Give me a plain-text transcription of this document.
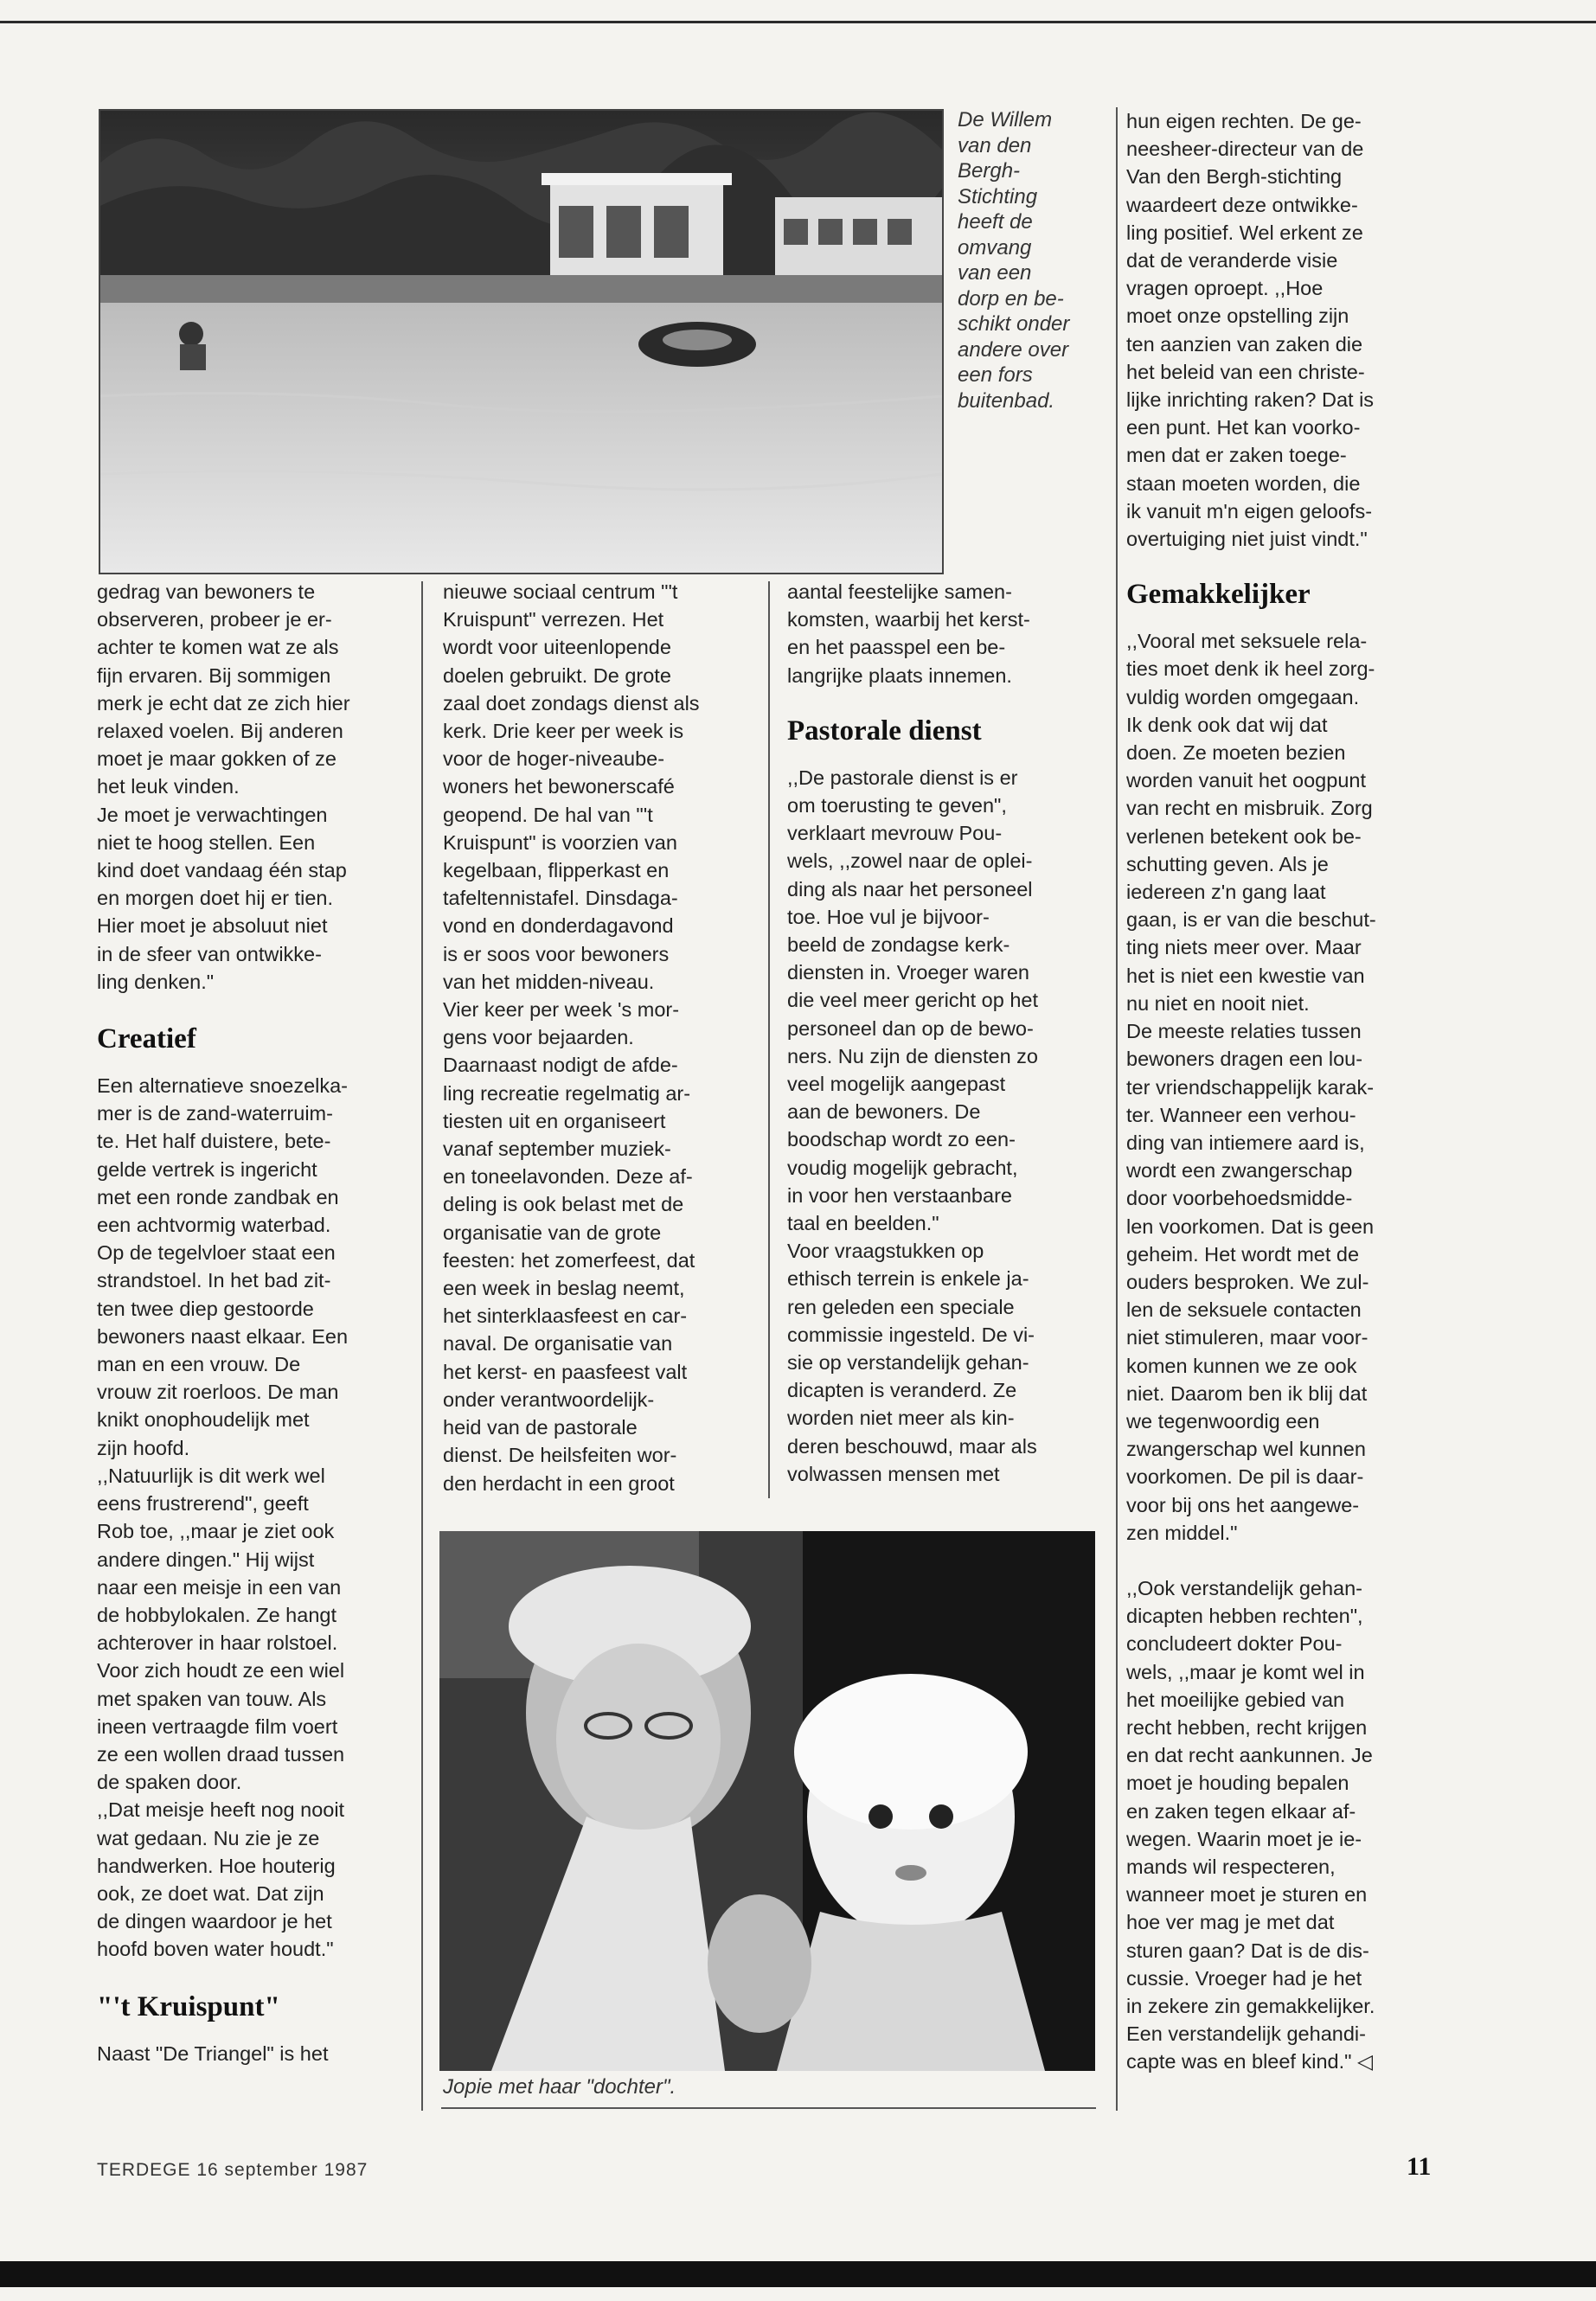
De Willem
van den
Bergh-
Stichting
heeft de
omvang
van een
dorp en be-
schikt onder
andere over
een fors
buitenbad.

gedrag van bewoners te
observeren, probeer je er-
achter te komen wat ze als
fijn ervaren. Bij sommigen
merk je echt dat ze zich hier
relaxed voelen. Bij anderen
moet je maar gokken of ze
het leuk vinden.

Je moet je verwachtingen
niet te hoog stellen. Een
kind doet vandaag één stap
en morgen doet hij er tien.
Hier moet je absoluut niet
in de sfeer van ontwikke-
ling denken."

Creatief

Een alternatieve snoezelka-
mer is de zand-waterruim-
te. Het half duistere, bete-
gelde vertrek is ingericht
met een ronde zandbak en
een achtvormig waterbad.
Op de tegelvloer staat een
strandstoel. In het bad zit-
ten twee diep gestoorde
bewoners naast elkaar. Een
man en een vrouw. De
vrouw zit roerloos. De man
knikt onophoudelijk met
zijn hoofd.

,,Natuurlijk is dit werk wel
eens frustrerend", geeft
Rob toe, ,,maar je ziet ook
andere dingen." Hij wijst
naar een meisje in een van
de hobbylokalen. Ze hangt
achterover in haar rolstoel.
Voor zich houdt ze een wiel
met spaken van touw. Als
ineen vertraagde film voert
ze een wollen draad tussen
de spaken door.

,,Dat meisje heeft nog nooit
wat gedaan. Nu zie je ze
handwerken. Hoe houterig
ook, ze doet wat. Dat zijn
de dingen waardoor je het
hoofd boven water houdt."

"'t Kruispunt"

Naast "De Triangel" is het

nieuwe sociaal centrum "'t
Kruispunt" verrezen. Het
wordt voor uiteenlopende
doelen gebruikt. De grote
zaal doet zondags dienst als
kerk. Drie keer per week is
voor de hoger-niveaube-
woners het bewonerscafé
geopend. De hal van "'t
Kruispunt" is voorzien van
kegelbaan, flipperkast en
tafeltennistafel. Dinsdaga-
vond en donderdagavond
is er soos voor bewoners
van het midden-niveau.
Vier keer per week 's mor-
gens voor bejaarden.
Daarnaast nodigt de afde-
ling recreatie regelmatig ar-
tiesten uit en organiseert
vanaf september muziek-
en toneelavonden. Deze af-
deling is ook belast met de
organisatie van de grote
feesten: het zomerfeest, dat
een week in beslag neemt,
het sinterklaasfeest en car-
naval. De organisatie van
het kerst- en paasfeest valt
onder verantwoordelijk-
heid van de pastorale
dienst. De heilsfeiten wor-
den herdacht in een groot

aantal feestelijke samen-
komsten, waarbij het kerst-
en het paasspel een be-
langrijke plaats innemen.

Pastorale dienst

,,De pastorale dienst is er
om toerusting te geven",
verklaart mevrouw Pou-
wels, ,,zowel naar de oplei-
ding als naar het personeel
toe. Hoe vul je bijvoor-
beeld de zondagse kerk-
diensten in. Vroeger waren
die veel meer gericht op het
personeel dan op de bewo-
ners. Nu zijn de diensten zo
veel mogelijk aangepast
aan de bewoners. De
boodschap wordt zo een-
voudig mogelijk gebracht,
in voor hen verstaanbare
taal en beelden."

Voor vraagstukken op
ethisch terrein is enkele ja-
ren geleden een speciale
commissie ingesteld. De vi-
sie op verstandelijk gehan-
dicapten is veranderd. Ze
worden niet meer als kin-
deren beschouwd, maar als
volwassen mensen met

hun eigen rechten. De ge-
neesheer-directeur van de
Van den Bergh-stichting
waardeert deze ontwikke-
ling positief. Wel erkent ze
dat de veranderde visie
vragen oproept. ,,Hoe
moet onze opstelling zijn
ten aanzien van zaken die
het beleid van een christe-
lijke inrichting raken? Dat is
een punt. Het kan voorko-
men dat er zaken toege-
staan moeten worden, die
ik vanuit m'n eigen geloofs-
overtuiging niet juist vindt."

Gemakkelijker

,,Vooral met seksuele rela-
ties moet denk ik heel zorg-
vuldig worden omgegaan.
Ik denk ook dat wij dat
doen. Ze moeten bezien
worden vanuit het oogpunt
van recht en misbruik. Zorg
verlenen betekent ook be-
schutting geven. Als je
iedereen z'n gang laat
gaan, is er van die beschut-
ting niets meer over. Maar
het is niet een kwestie van
nu niet en nooit niet.

De meeste relaties tussen
bewoners dragen een lou-
ter vriendschappelijk karak-
ter. Wanneer een verhou-
ding van intiemere aard is,
wordt een zwangerschap
door voorbehoedsmidde-
len voorkomen. Dat is geen
geheim. Het wordt met de
ouders besproken. We zul-
len de seksuele contacten
niet stimuleren, maar voor-
komen kunnen we ze ook
niet. Daarom ben ik blij dat
we tegenwoordig een
zwangerschap wel kunnen
voorkomen. De pil is daar-
voor bij ons het aangewe-
zen middel."

,,Ook verstandelijk gehan-
dicapten hebben rechten",
concludeert dokter Pou-
wels, ,,maar je komt wel in
het moeilijke gebied van
recht hebben, recht krijgen
en dat recht aankunnen. Je
moet je houding bepalen
en zaken tegen elkaar af-
wegen. Waarin moet je ie-
mands wil respecteren,
wanneer moet je sturen en
hoe ver mag je met dat
sturen gaan? Dat is de dis-
cussie. Vroeger had je het
in zekere zin gemakkelijker.
Een verstandelijk gehandi-
capte was en bleef kind." ◁

Jopie met haar "dochter".
TERDEGE 16 september 1987	11
